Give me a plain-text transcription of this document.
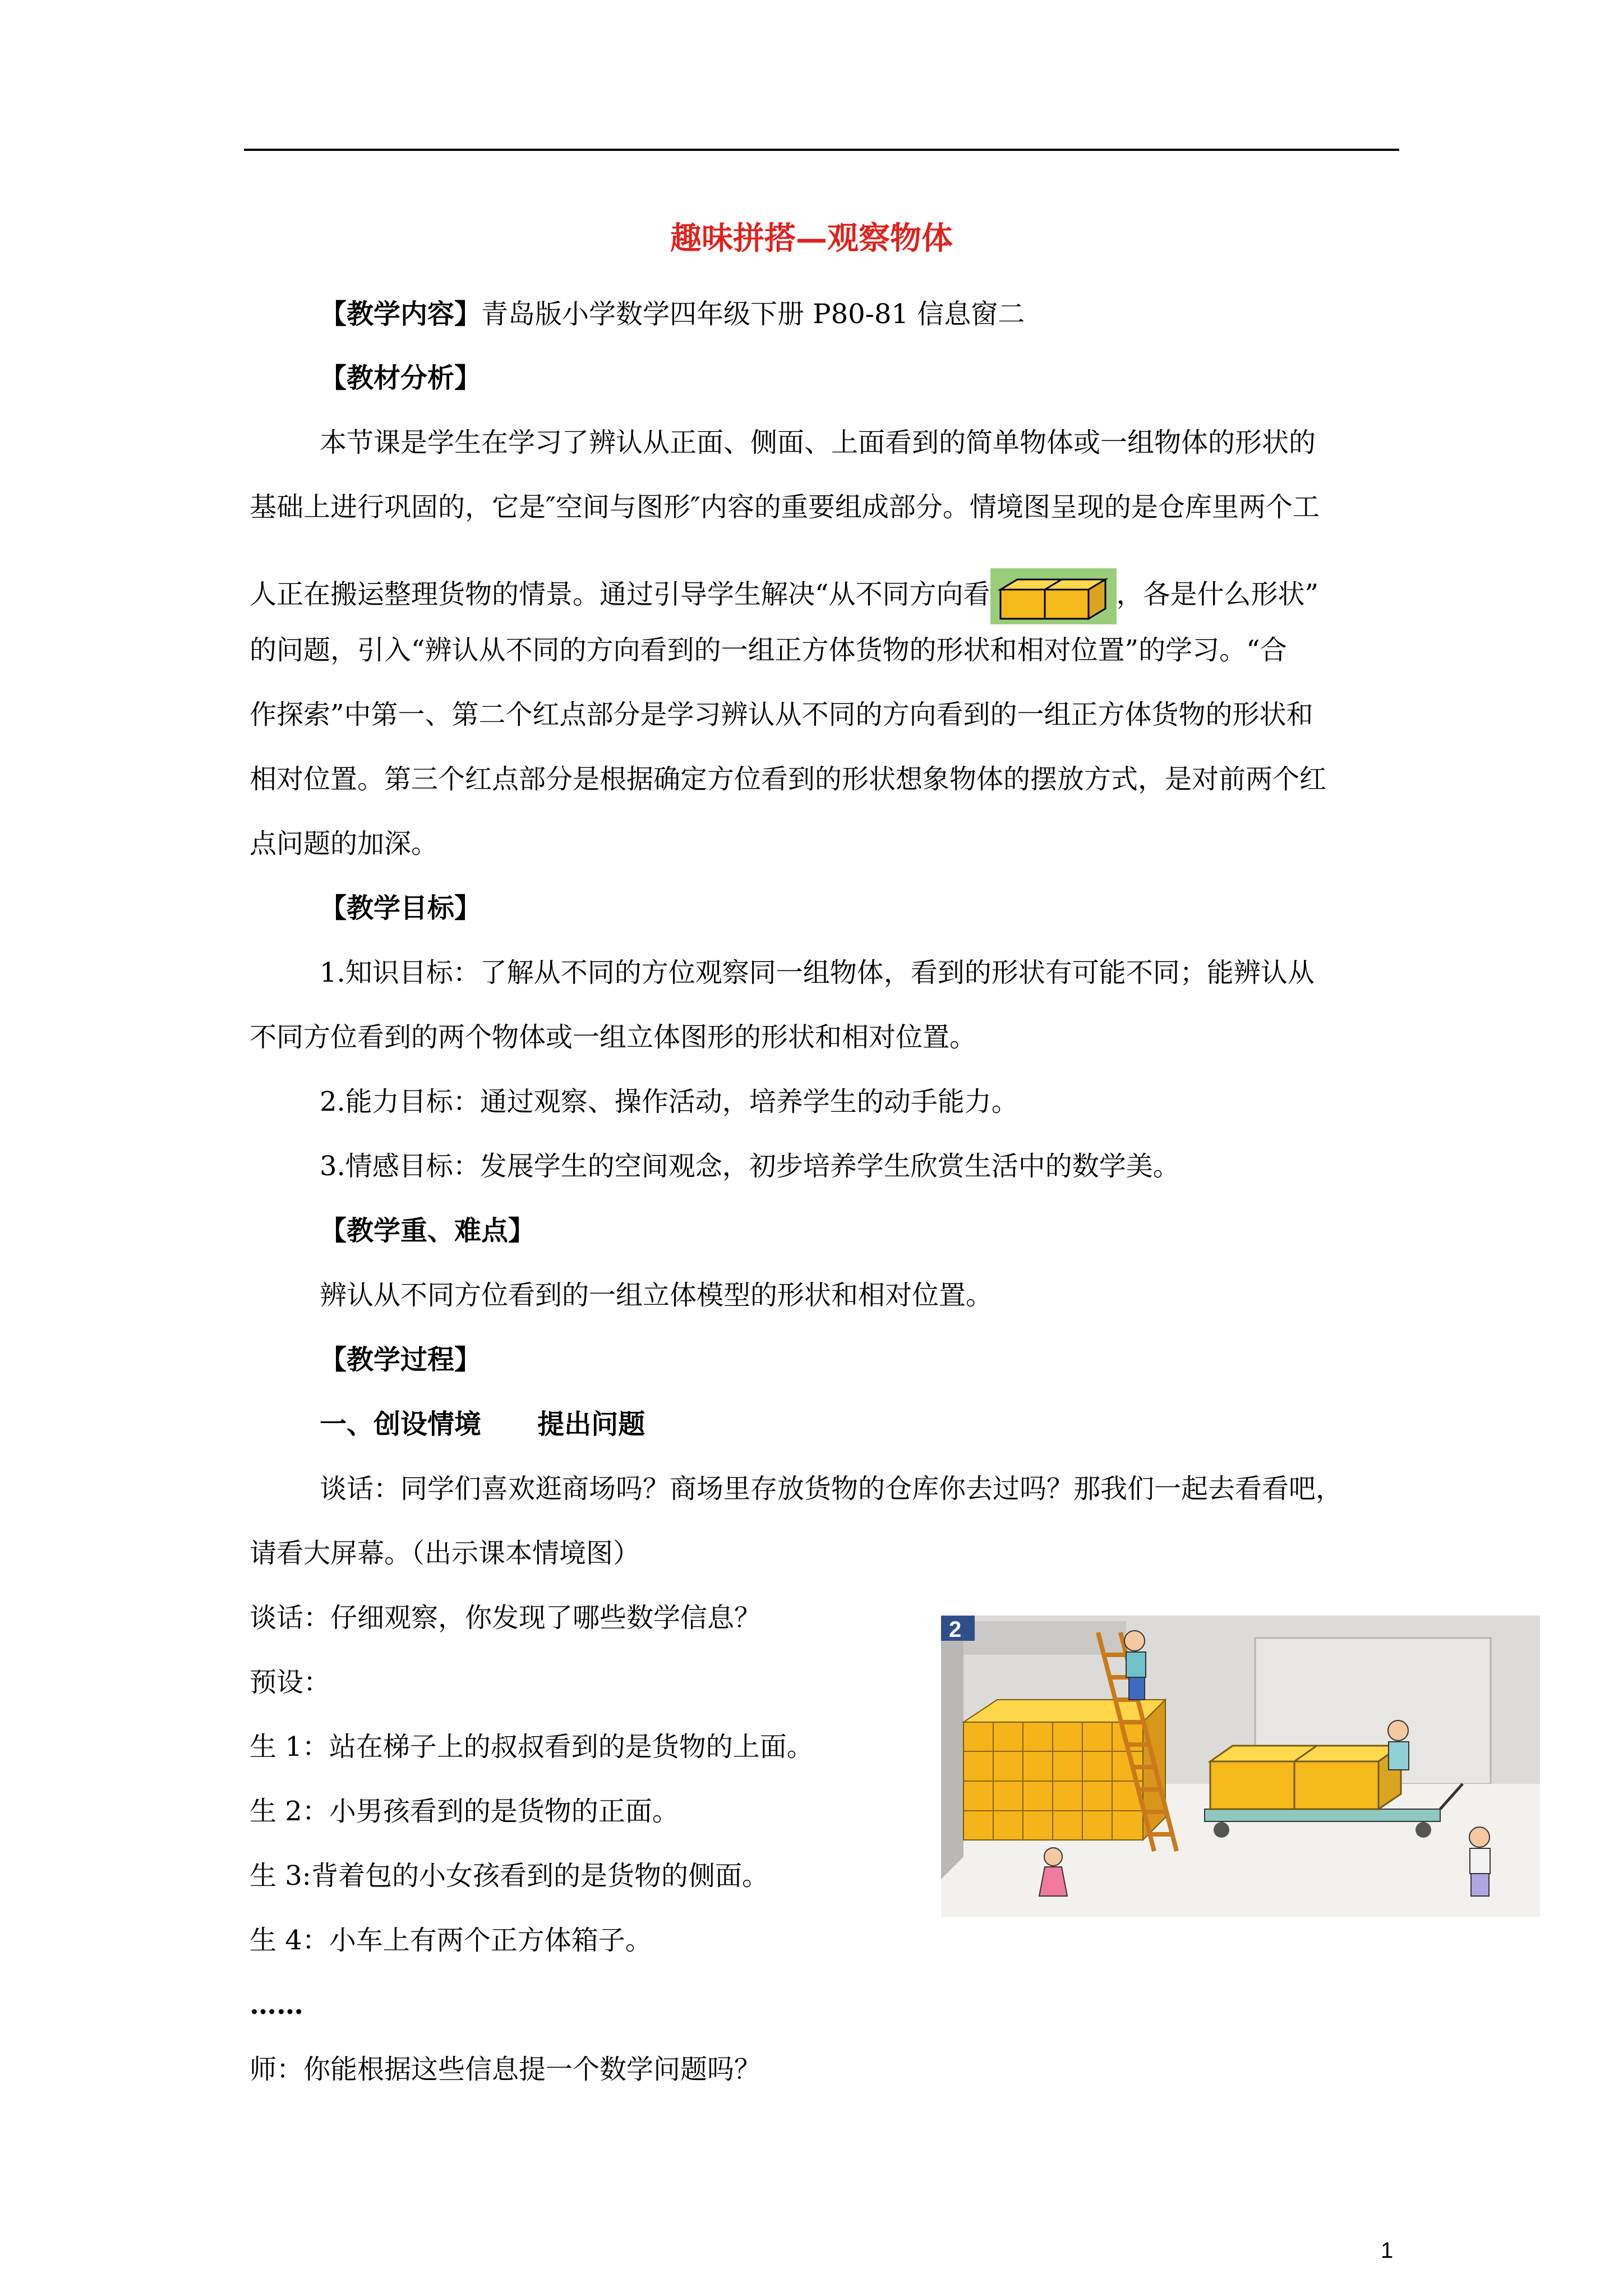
趣味拼搭—观察物体
【教学内容】青岛版小学数学四年级下册 P80-81 信息窗二
【教材分析】
本节课是学生在学习了辨认从正面、侧面、上面看到的简单物体或一组物体的形状的
基础上进行巩固的，它是″空间与图形″内容的重要组成部分。情境图呈现的是仓库里两个工
人正在搬运整理货物的情景。通过引导学生解决“从不同方向看	，各是什么形状”
的问题，引入“辨认从不同的方向看到的一组正方体货物的形状和相对位置”的学习。“合
作探索”中第一、第二个红点部分是学习辨认从不同的方向看到的一组正方体货物的形状和
相对位置。第三个红点部分是根据确定方位看到的形状想象物体的摆放方式，是对前两个红
点问题的加深。
【教学目标】
1.知识目标：了解从不同的方位观察同一组物体，看到的形状有可能不同；能辨认从
不同方位看到的两个物体或一组立体图形的形状和相对位置。
2.能力目标：通过观察、操作活动，培养学生的动手能力。
3.情感目标：发展学生的空间观念，初步培养学生欣赏生活中的数学美。
【教学重、难点】
辨认从不同方位看到的一组立体模型的形状和相对位置。
【教学过程】
一、创设情境      提出问题
谈话：同学们喜欢逛商场吗？商场里存放货物的仓库你去过吗？那我们一起去看看吧，
请看大屏幕。（出示课本情境图）
谈话：仔细观察，你发现了哪些数学信息？
预设：
生 1：站在梯子上的叔叔看到的是货物的上面。
生 2：小男孩看到的是货物的正面。
生 3:背着包的小女孩看到的是货物的侧面。
生 4：小车上有两个正方体箱子。
……
师：你能根据这些信息提一个数学问题吗？
2
1
